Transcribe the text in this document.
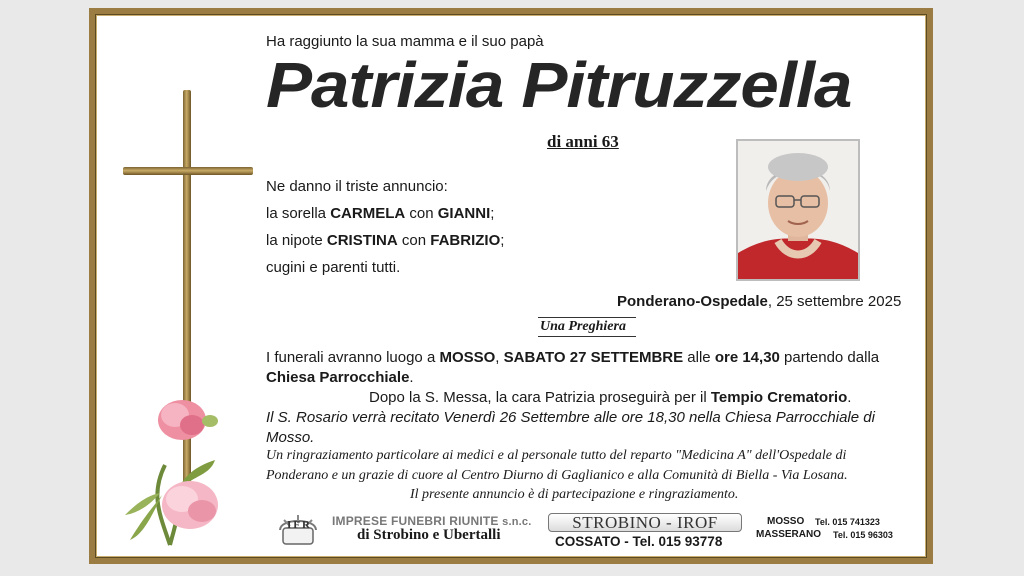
Ha raggiunto la sua mamma e il suo papà
Patrizia Pitruzzella
di anni 63
Ne danno il triste annuncio:
la sorella CARMELA con GIANNI;
la nipote CRISTINA con FABRIZIO;
cugini e parenti tutti.
Ponderano-Ospedale, 25 settembre 2025
Una Preghiera
I funerali avranno luogo a MOSSO, SABATO 27 SETTEMBRE alle ore 14,30 partendo dalla
Chiesa Parrocchiale.
Dopo la S. Messa, la cara Patrizia proseguirà per il Tempio Crematorio.
Il S. Rosario verrà recitato Venerdì 26 Settembre alle ore 18,30 nella Chiesa Parrocchiale di
Mosso.
Un ringraziamento particolare ai medici e al personale tutto del reparto "Medicina A" dell'Ospedale di
Ponderano e un grazie di cuore al Centro Diurno di Gaglianico e alla Comunità di Biella - Via Losana.
Il presente annuncio è di partecipazione e ringraziamento.
IFR IMPRESE FUNEBRI RIUNITE s.n.c.
di Strobino e Ubertalli
STROBINO - IROF
COSSATO - Tel. 015 93778
MOSSO Tel. 015 741323
MASSERANO Tel. 015 96303
